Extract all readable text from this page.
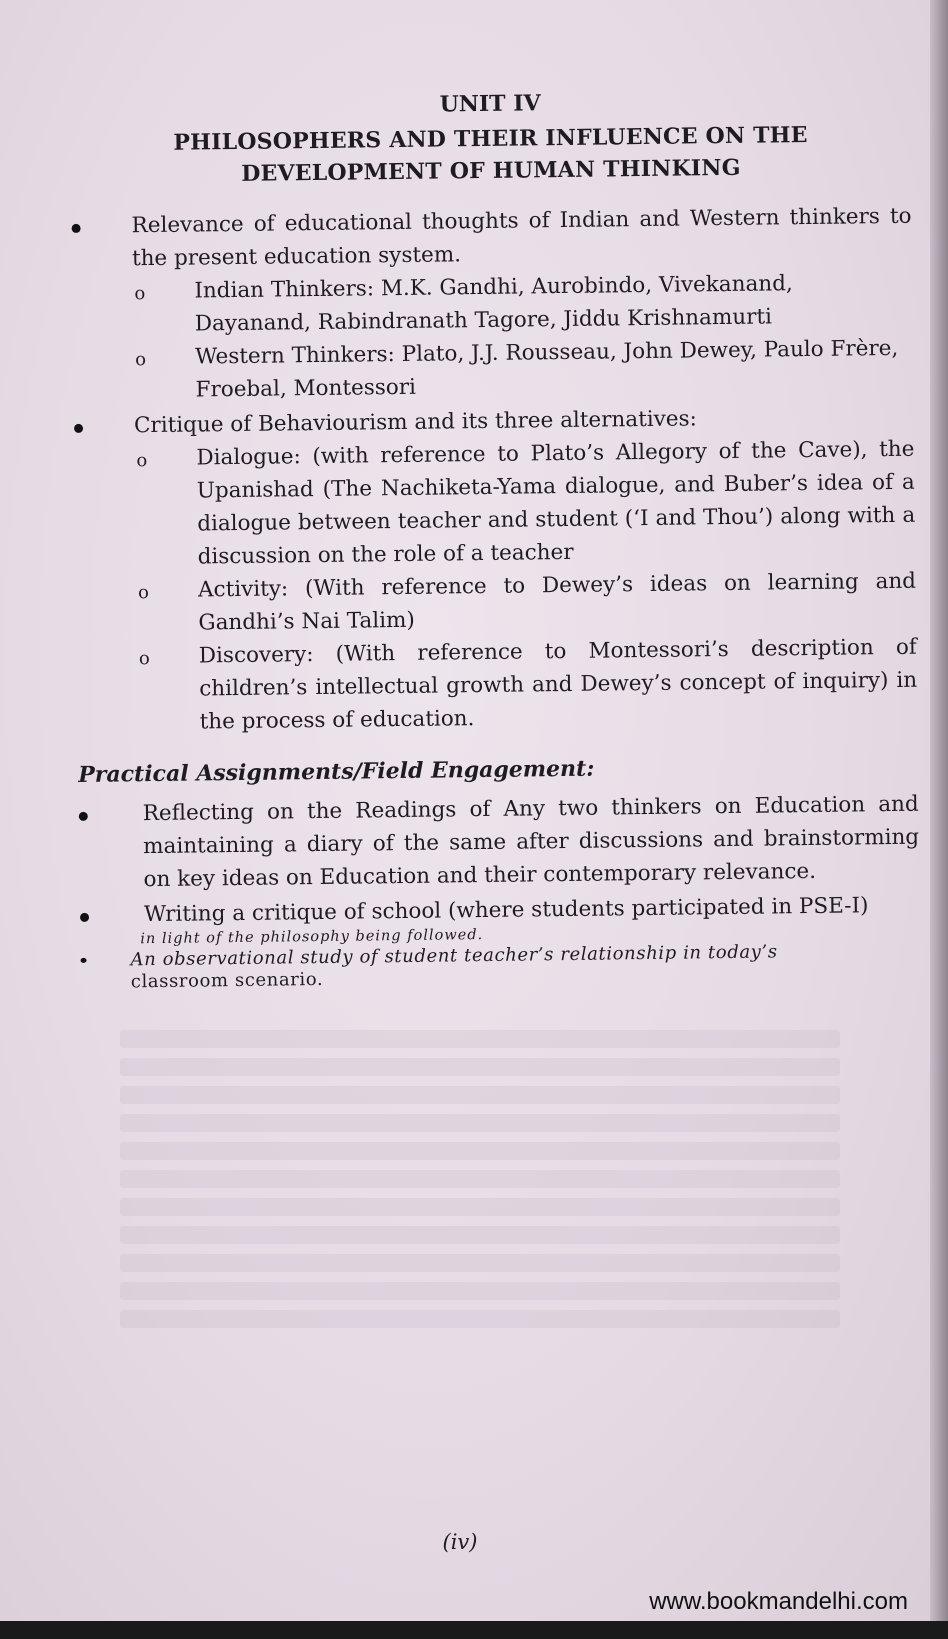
UNIT IV
PHILOSOPHERS AND THEIR INFLUENCE ON THE
DEVELOPMENT OF HUMAN THINKING
Relevance of educational thoughts of Indian and Western thinkers to the present education system.
o Indian Thinkers: M.K. Gandhi, Aurobindo, Vivekanand, Dayanand, Rabindranath Tagore, Jiddu Krishnamurti
o Western Thinkers: Plato, J.J. Rousseau, John Dewey, Paulo Frère, Froebal, Montessori
Critique of Behaviourism and its three alternatives:
o Dialogue: (with reference to Plato’s Allegory of the Cave), the Upanishad (The Nachiketa-Yama dialogue, and Buber’s idea of a dialogue between teacher and student (‘I and Thou’) along with a discussion on the role of a teacher
o Activity: (With reference to Dewey’s ideas on learning and Gandhi’s Nai Talim)
o Discovery: (With reference to Montessori’s description of children’s intellectual growth and Dewey’s concept of inquiry) in the process of education.
Practical Assignments/Field Engagement:
Reflecting on the Readings of Any two thinkers on Education and maintaining a diary of the same after discussions and brainstorming on key ideas on Education and their contemporary relevance.
Writing a critique of school (where students participated in PSE-I)
in light of the philosophy being followed.
An observational study of student teacher’s relationship in today’s
classroom scenario.
(iv)
www.bookmandelhi.com
